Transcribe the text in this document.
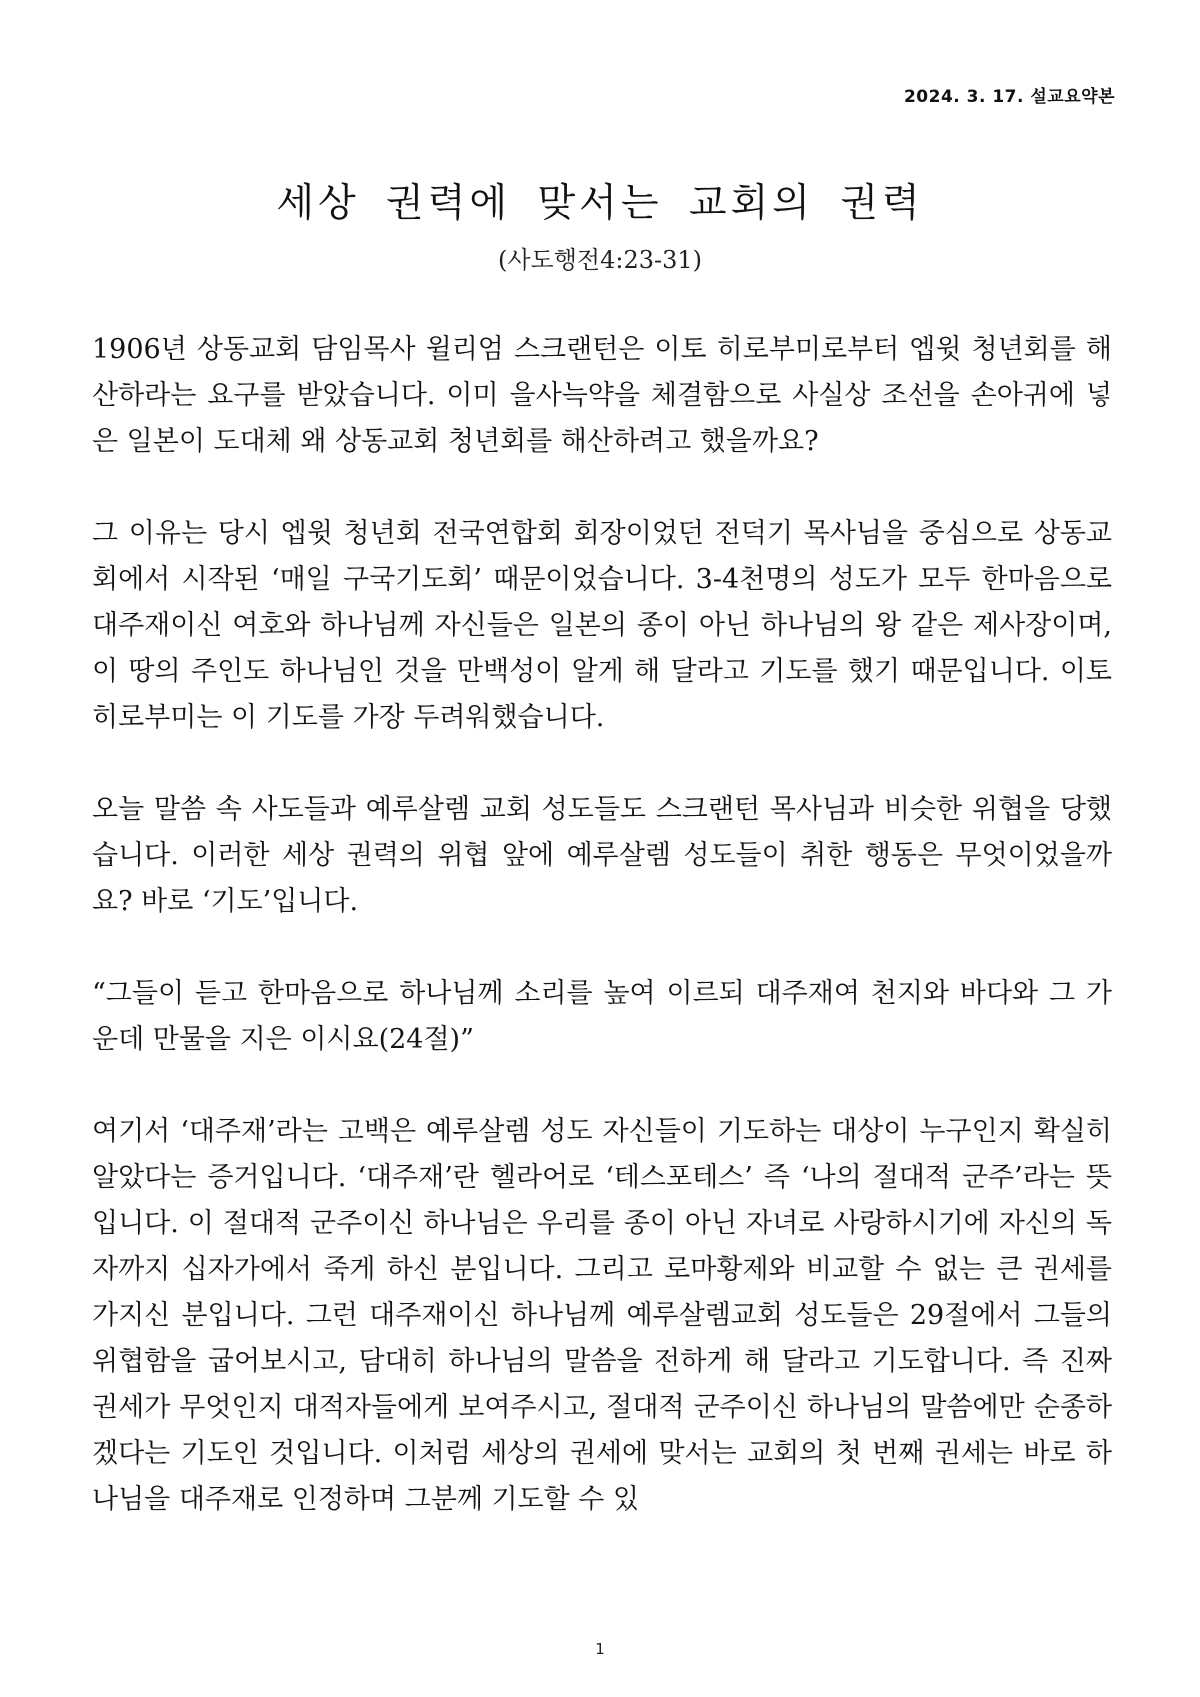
2024. 3. 17. 설교요약본
세상 권력에 맞서는 교회의 권력
(사도행전4:23-31)

1906년 상동교회 담임목사 윌리엄 스크랜턴은 이토 히로부미로부터 엡윗 청년회를 해산하라는 요구를 받았습니다. 이미 을사늑약을 체결함으로 사실상 조선을 손아귀에 넣은 일본이 도대체 왜 상동교회 청년회를 해산하려고 했을까요?

그 이유는 당시 엡윗 청년회 전국연합회 회장이었던 전덕기 목사님을 중심으로 상동교회에서 시작된 ‘매일 구국기도회’ 때문이었습니다. 3-4천명의 성도가 모두 한마음으로 대주재이신 여호와 하나님께 자신들은 일본의 종이 아닌 하나님의 왕 같은 제사장이며, 이 땅의 주인도 하나님인 것을 만백성이 알게 해 달라고 기도를 했기 때문입니다. 이토 히로부미는 이 기도를 가장 두려워했습니다.

오늘 말씀 속 사도들과 예루살렘 교회 성도들도 스크랜턴 목사님과 비슷한 위협을 당했습니다. 이러한 세상 권력의 위협 앞에 예루살렘 성도들이 취한 행동은 무엇이었을까요? 바로 ‘기도’입니다.

“그들이 듣고 한마음으로 하나님께 소리를 높여 이르되 대주재여 천지와 바다와 그 가운데 만물을 지은 이시요(24절)”

여기서 ‘대주재’라는 고백은 예루살렘 성도 자신들이 기도하는 대상이 누구인지 확실히 알았다는 증거입니다. ‘대주재’란 헬라어로 ‘테스포테스’ 즉 ‘나의 절대적 군주’라는 뜻입니다. 이 절대적 군주이신 하나님은 우리를 종이 아닌 자녀로 사랑하시기에 자신의 독자까지 십자가에서 죽게 하신 분입니다. 그리고 로마황제와 비교할 수 없는 큰 권세를 가지신 분입니다. 그런 대주재이신 하나님께 예루살렘교회 성도들은 29절에서 그들의 위협함을 굽어보시고, 담대히 하나님의 말씀을 전하게 해 달라고 기도합니다. 즉 진짜 권세가 무엇인지 대적자들에게 보여주시고, 절대적 군주이신 하나님의 말씀에만 순종하겠다는 기도인 것입니다. 이처럼 세상의 권세에 맞서는 교회의 첫 번째 권세는 바로 하나님을 대주재로 인정하며 그분께 기도할 수 있

1
